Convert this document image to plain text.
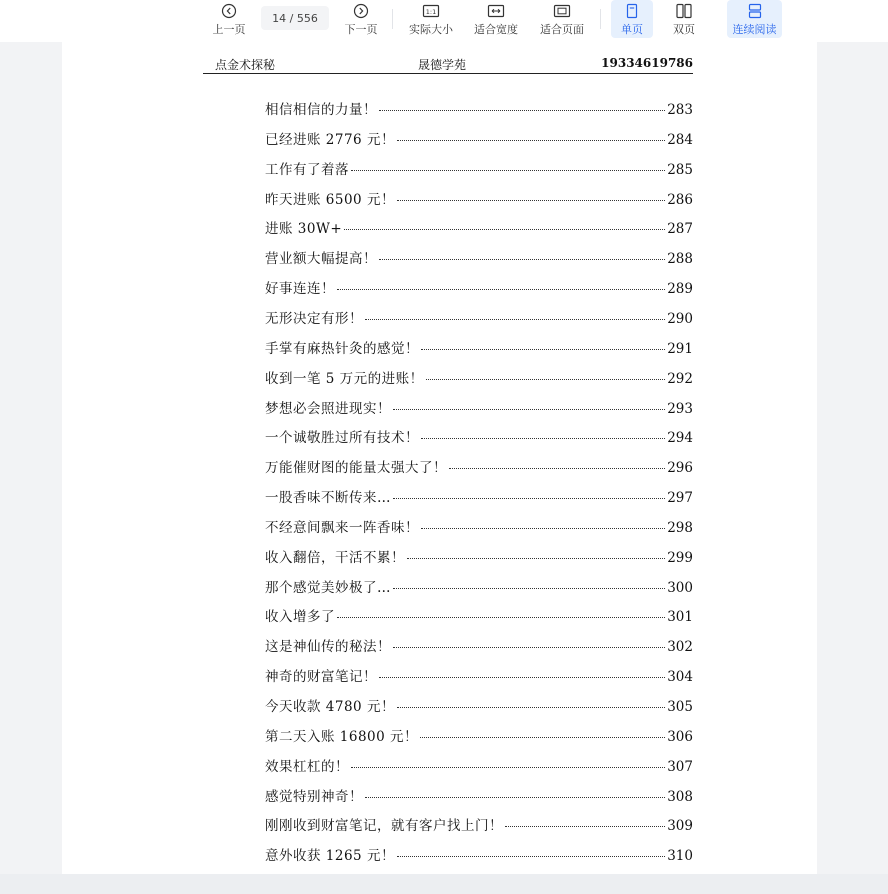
上一页
14 / 556
下一页
1:1
实际大小 适合宽度 适合页面	单页	双页	连续阅读
点金术探秘	晟德学苑	19334619786
相信相信的力量！	283
已经进账 2776 元！	284
工作有了着落	285
昨天进账 6500 元！	286
进账 30W+	287
营业额大幅提高！	288
好事连连！	289
无形决定有形！	290
手掌有麻热针灸的感觉！	291
收到一笔 5 万元的进账！	292
梦想必会照进现实！	293
一个诚敬胜过所有技术！	294
万能催财图的能量太强大了！	296
一股香味不断传来…	297
不经意间飘来一阵香味！	298
收入翻倍，干活不累！	299
那个感觉美妙极了…	300
收入增多了	301
这是神仙传的秘法！	302
神奇的财富笔记！	304
今天收款 4780 元！	305
第二天入账 16800 元！	306
效果杠杠的！	307
感觉特别神奇！	308
刚刚收到财富笔记，就有客户找上门！	309
意外收获 1265 元！	310
